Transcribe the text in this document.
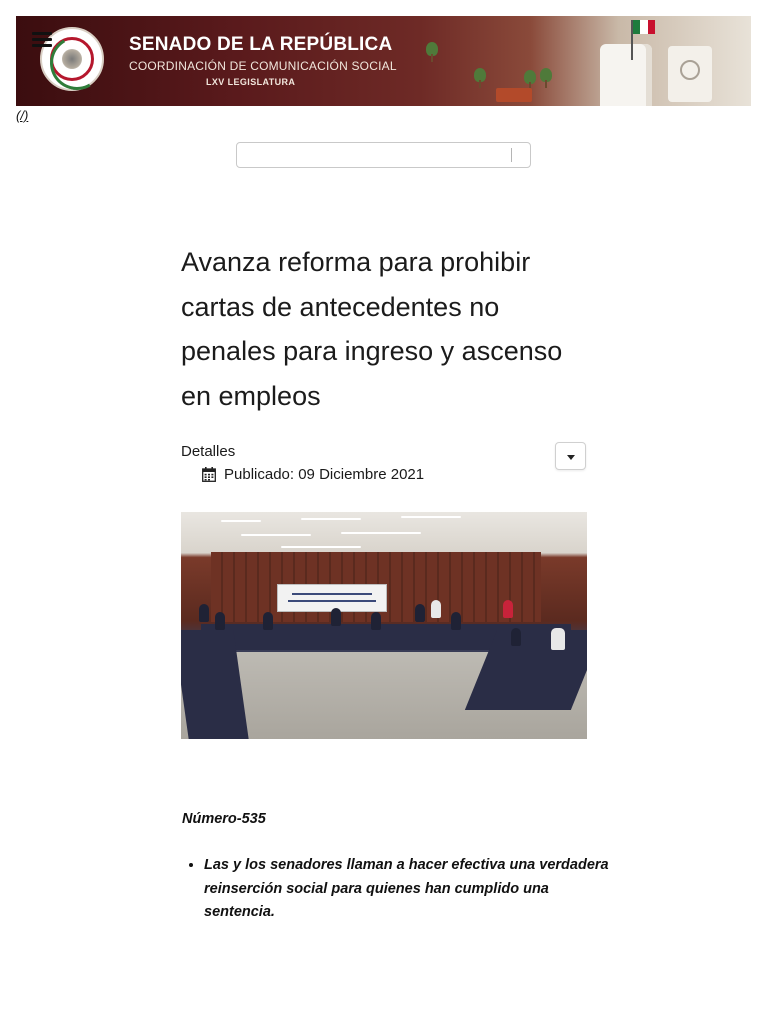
SENADO DE LA REPÚBLICA
COORDINACIÓN DE COMUNICACIÓN SOCIAL
LXV LEGISLATURA
(/)
Avanza reforma para prohibir cartas de antecedentes no penales para ingreso y ascenso en empleos
Detalles
Publicado: 09 Diciembre 2021
Número-535
• Las y los senadores llaman a hacer efectiva una verdadera reinserción social para quienes han cumplido una sentencia.
